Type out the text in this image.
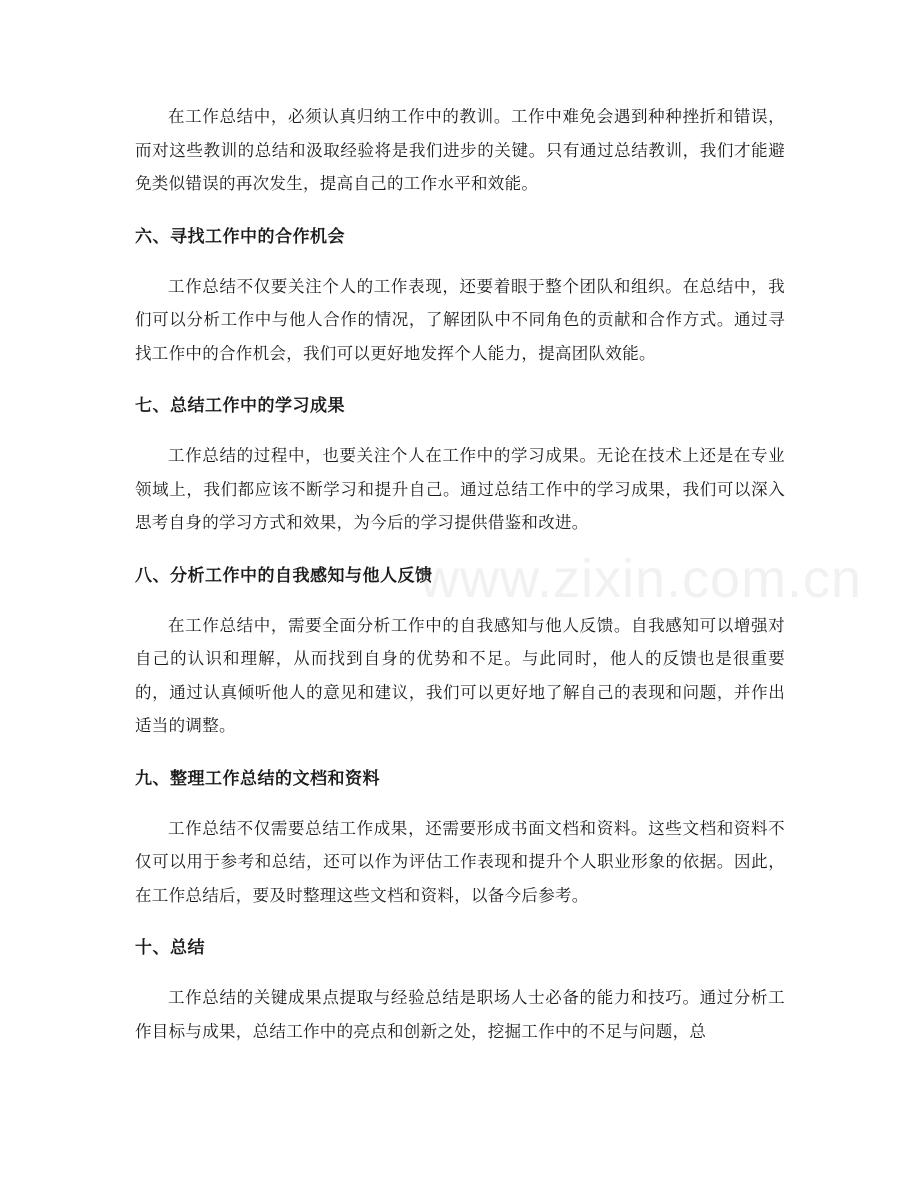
在工作总结中，必须认真归纳工作中的教训。工作中难免会遇到种种挫折和错误，而对这些教训的总结和汲取经验将是我们进步的关键。只有通过总结教训，我们才能避免类似错误的再次发生，提高自己的工作水平和效能。

六、寻找工作中的合作机会

工作总结不仅要关注个人的工作表现，还要着眼于整个团队和组织。在总结中，我们可以分析工作中与他人合作的情况，了解团队中不同角色的贡献和合作方式。通过寻找工作中的合作机会，我们可以更好地发挥个人能力，提高团队效能。

七、总结工作中的学习成果

工作总结的过程中，也要关注个人在工作中的学习成果。无论在技术上还是在专业领域上，我们都应该不断学习和提升自己。通过总结工作中的学习成果，我们可以深入思考自身的学习方式和效果，为今后的学习提供借鉴和改进。

八、分析工作中的自我感知与他人反馈

在工作总结中，需要全面分析工作中的自我感知与他人反馈。自我感知可以增强对自己的认识和理解，从而找到自身的优势和不足。与此同时，他人的反馈也是很重要的，通过认真倾听他人的意见和建议，我们可以更好地了解自己的表现和问题，并作出适当的调整。

九、整理工作总结的文档和资料

工作总结不仅需要总结工作成果，还需要形成书面文档和资料。这些文档和资料不仅可以用于参考和总结，还可以作为评估工作表现和提升个人职业形象的依据。因此，在工作总结后，要及时整理这些文档和资料，以备今后参考。

十、总结

工作总结的关键成果点提取与经验总结是职场人士必备的能力和技巧。通过分析工作目标与成果，总结工作中的亮点和创新之处，挖掘工作中的不足与问题，总

www.zixin.com.cn
